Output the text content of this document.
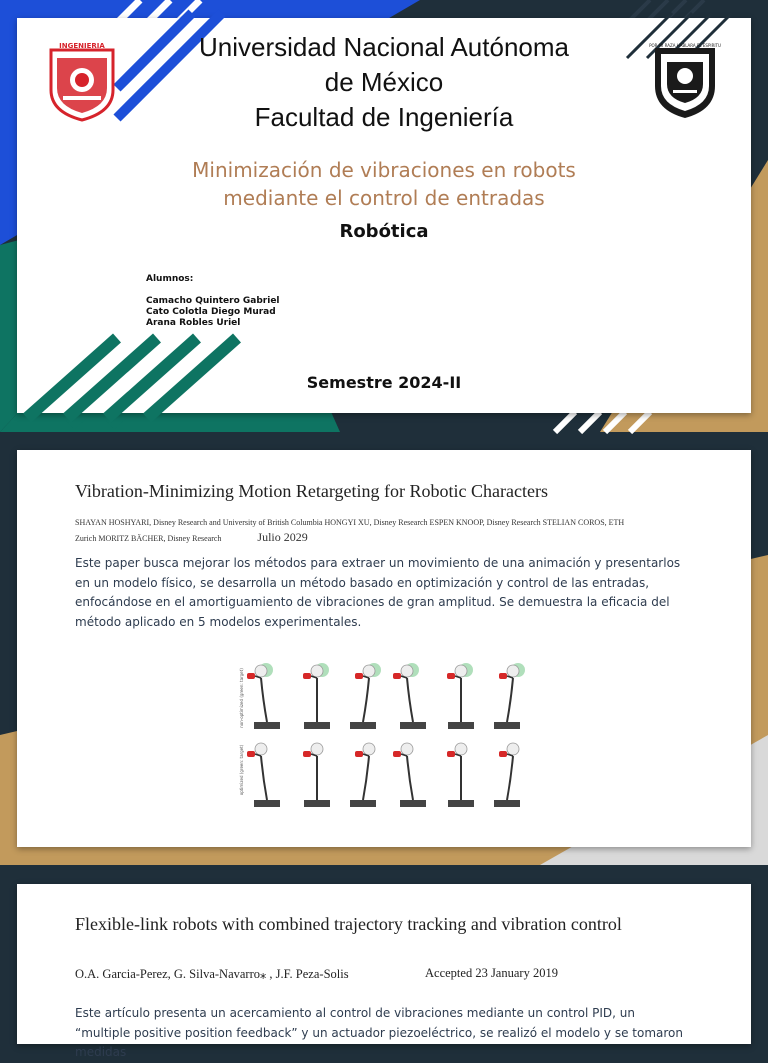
INGENIERIA	POR MI RAZA HABLARA EL ESPIRITU
Universidad Nacional Autónoma
de México
Facultad de Ingeniería
Minimización de vibraciones en robots
mediante el control de entradas
Robótica
Alumnos:
Camacho Quintero Gabriel
Cato Colotla Diego Murad
Arana Robles Uriel
Semestre 2024-II
Vibration-Minimizing Motion Retargeting for Robotic Characters
SHAYAN HOSHYARI, Disney Research and University of British Columbia HONGYI XU, Disney Research ESPEN KNOOP, Disney Research STELIAN COROS, ETH
Zurich MORITZ BÄCHER, Disney Research	Julio 2029
Este paper busca mejorar los métodos para extraer un movimiento de una animación y presentarlos en un modelo físico, se desarrolla un método basado en optimización y control de las entradas, enfocándose en el amortiguamiento de vibraciones de gran amplitud. Se demuestra la eficacia del método aplicado en 5 modelos experimentales.
non-optimized (green: target)
optimized (green: target)
Flexible-link robots with combined trajectory tracking and vibration control
O.A. Garcia-Perez, G. Silva-Navarro⁎ , J.F. Peza-Solis	Accepted 23 January 2019
Este artículo presenta un acercamiento al control de vibraciones mediante un control PID, un “multiple positive position feedback” y un actuador piezoeléctrico, se realizó el modelo y se tomaron medidas
